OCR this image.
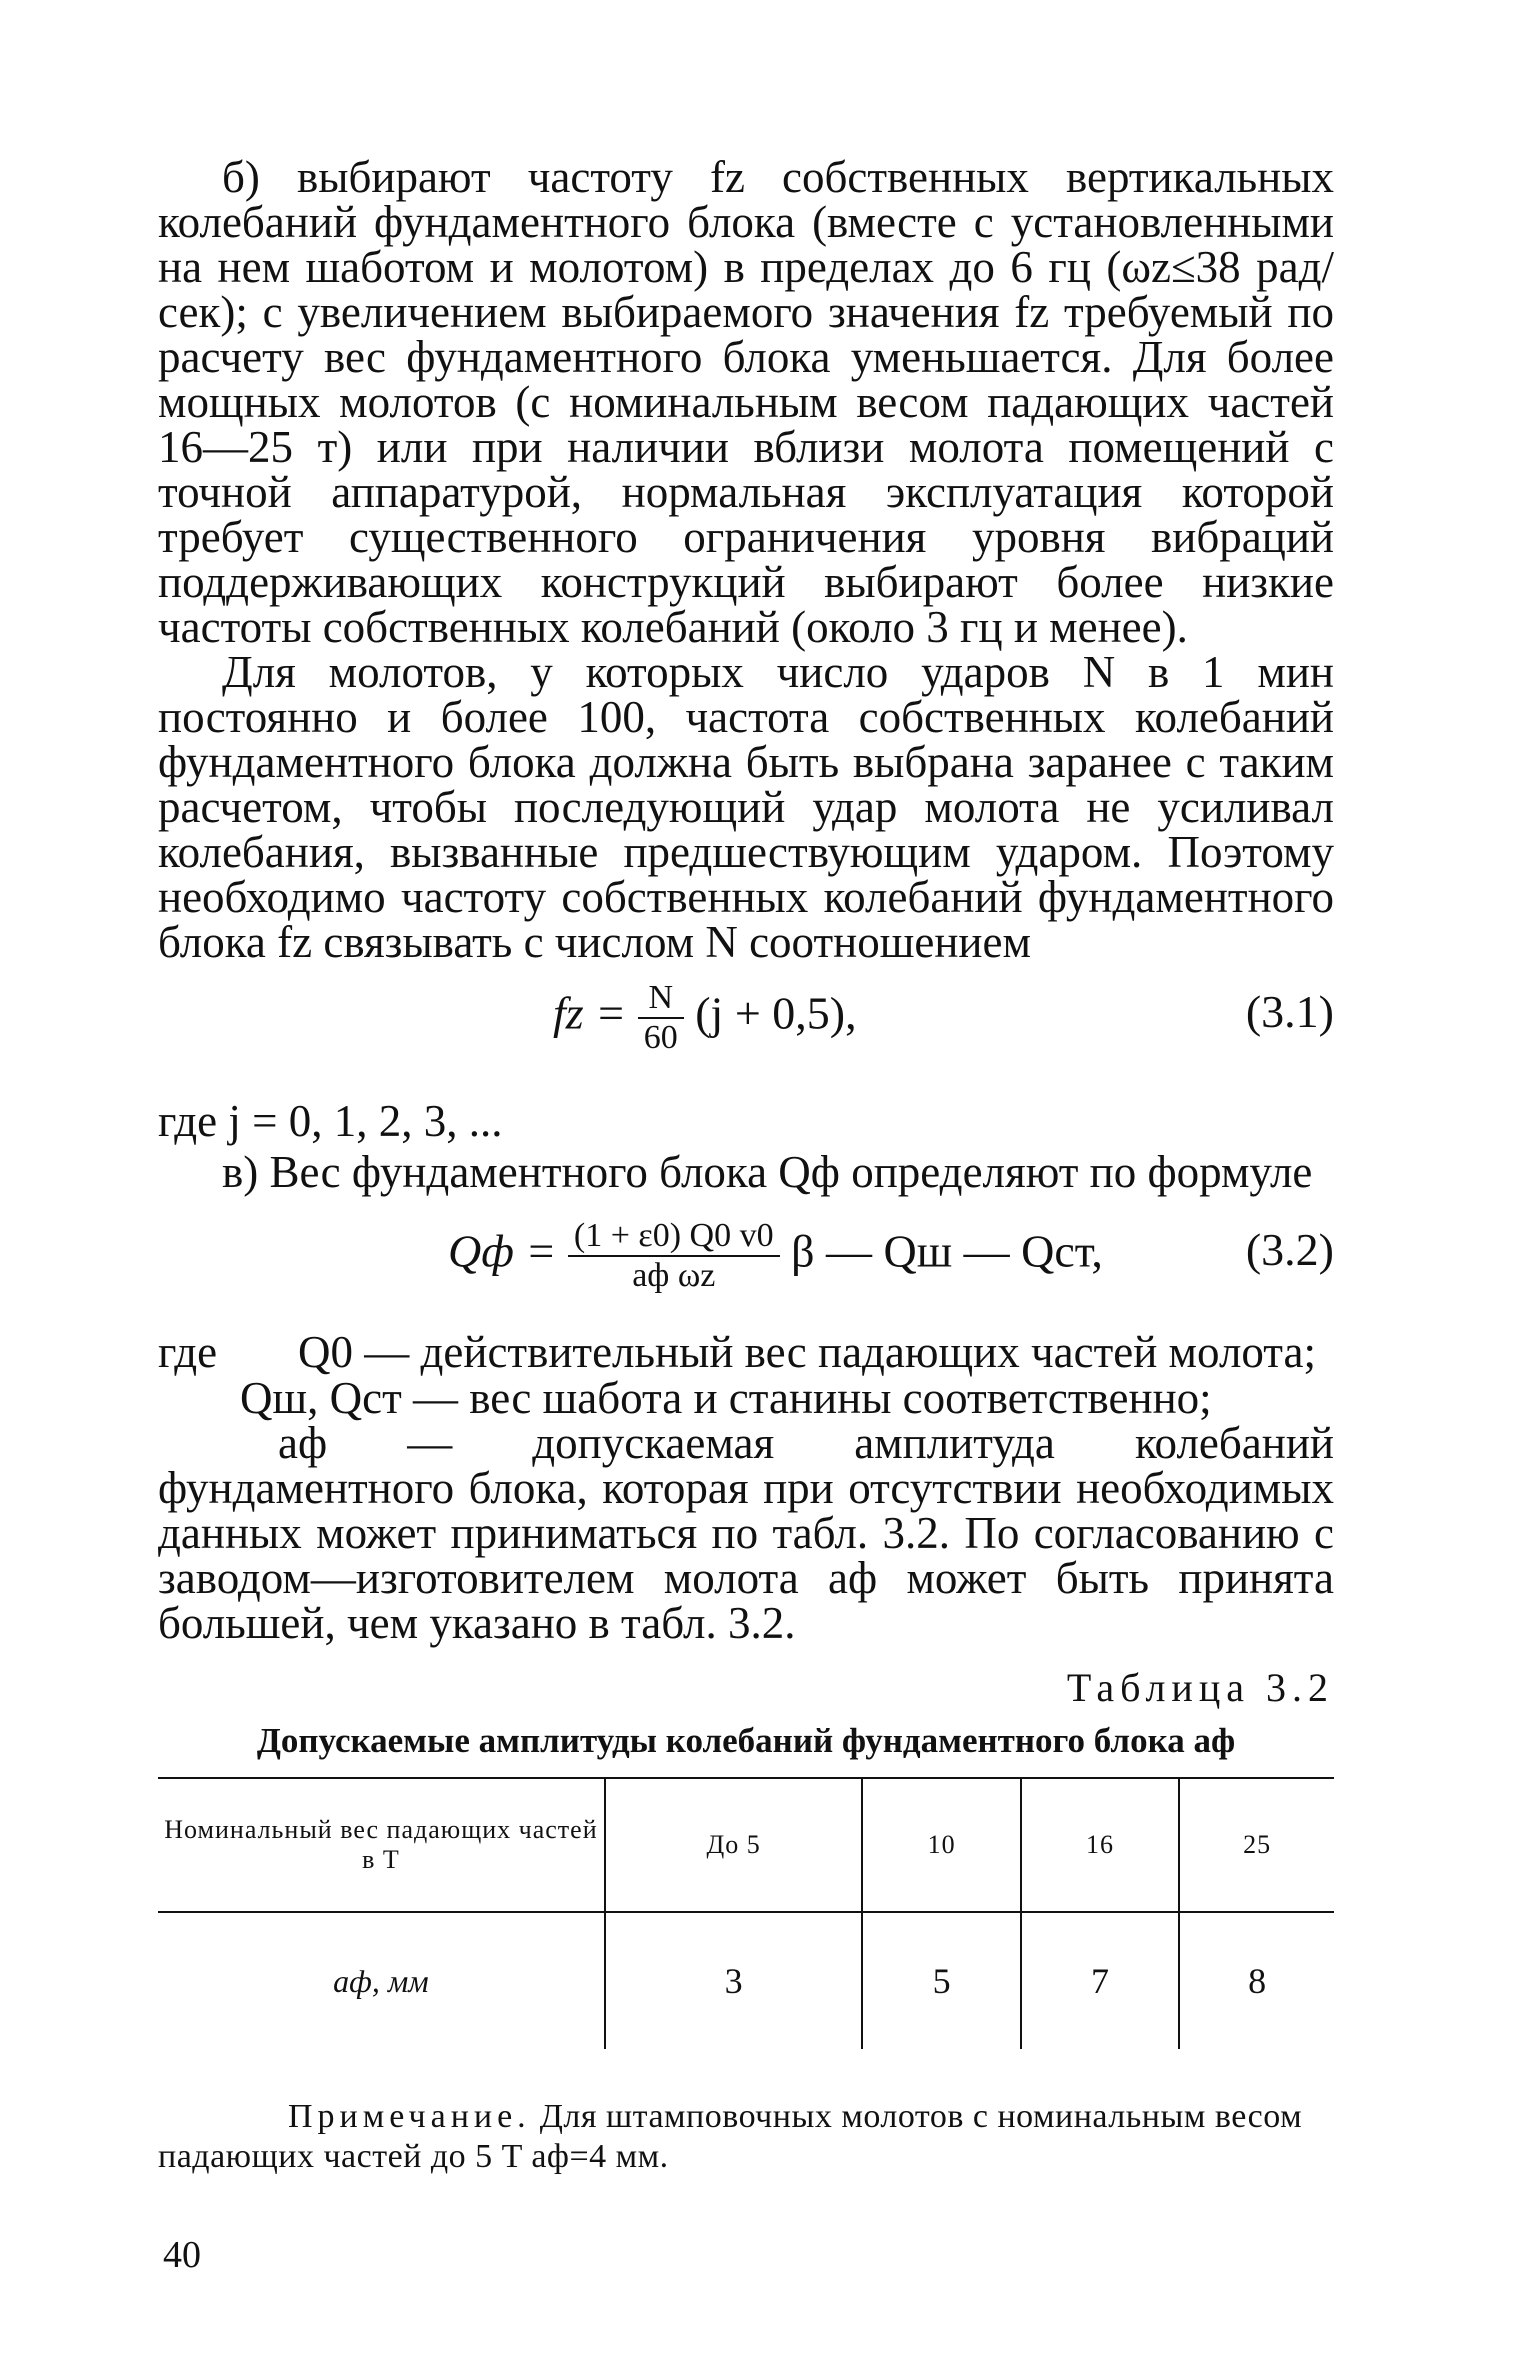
б) выбирают частоту fz собственных вертикальных колебаний фундаментного блока (вместе с установленными на нем шаботом и молотом) в пределах до 6 гц (ωz≤38 рад/сек); с увеличением выбираемого значения fz требуемый по расчету вес фундаментного блока уменьшается. Для более мощных молотов (с номинальным весом падающих частей 16—25 т) или при наличии вблизи молота помещений с точной аппаратурой, нормальная эксплуатация которой требует существенного ограничения уровня вибраций поддерживающих конструкций выбирают более низкие частоты собственных колебаний (около 3 гц и менее).
Для молотов, у которых число ударов N в 1 мин постоянно и более 100, частота собственных колебаний фундаментного блока должна быть выбрана заранее с таким расчетом, чтобы последующий удар молота не усиливал колебания, вызванные предшествующим ударом. Поэтому необходимо частоту собственных колебаний фундаментного блока fz связывать с числом N соотношением
fz = $\frac{N}{60} (j + 0,5)$,	(3.1)
где j = 0, 1, 2, 3, ...
в) Вес фундаментного блока Qф определяют по формуле
Qф = $\frac{(1 + \varepsilon 0) Q0 v0}{\text{aф ωz}}$ β — Qш — Qст,	(3.2)
где	Q0 — действительный вес падающих частей молота;
Qш, Qст — вес шабота и станины соответственно;
aф — допускаемая амплитуда колебаний фундаментного блока, которая при отсутствии необходимых данных может приниматься по табл. 3.2. По согласованию с заводом—изготовителем молота aф может быть принята большей, чем указано в табл. 3.2.
Таблица 3.2
Допускаемые амплитуды колебаний фундаментного блока aф
Номинальный вес падающих частей в T	До 5	10	16	25
aф, мм	3	5	7	8
Примечание. Для штамповочных молотов с номинальным весом падающих частей до 5 T aф=4 мм.
40
